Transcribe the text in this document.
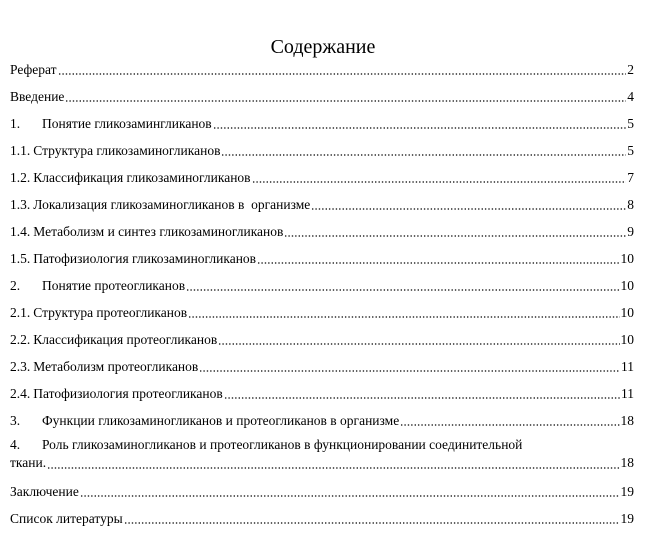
Содержание
Реферат	2
Введение	4
1.	Понятие гликозамингликанов	5
1.1. Структура гликозаминогликанов	5
1.2. Классификация гликозаминогликанов	7
1.3. Локализация гликозаминогликанов в  организме	8
1.4. Метаболизм и синтез гликозаминогликанов	9
1.5. Патофизиология гликозаминогликанов	10
2.	Понятие протеогликанов	10
2.1. Структура протеогликанов	10
2.2. Классификация протеогликанов	10
2.3. Метаболизм протеогликанов	11
2.4. Патофизиология протеогликанов	11
3.	Функции гликозаминогликанов и протеогликанов в организме	18
4.	Роль гликозаминогликанов и протеогликанов в функционировании соединительной
ткани.	18
Заключение	19
Список литературы	19
